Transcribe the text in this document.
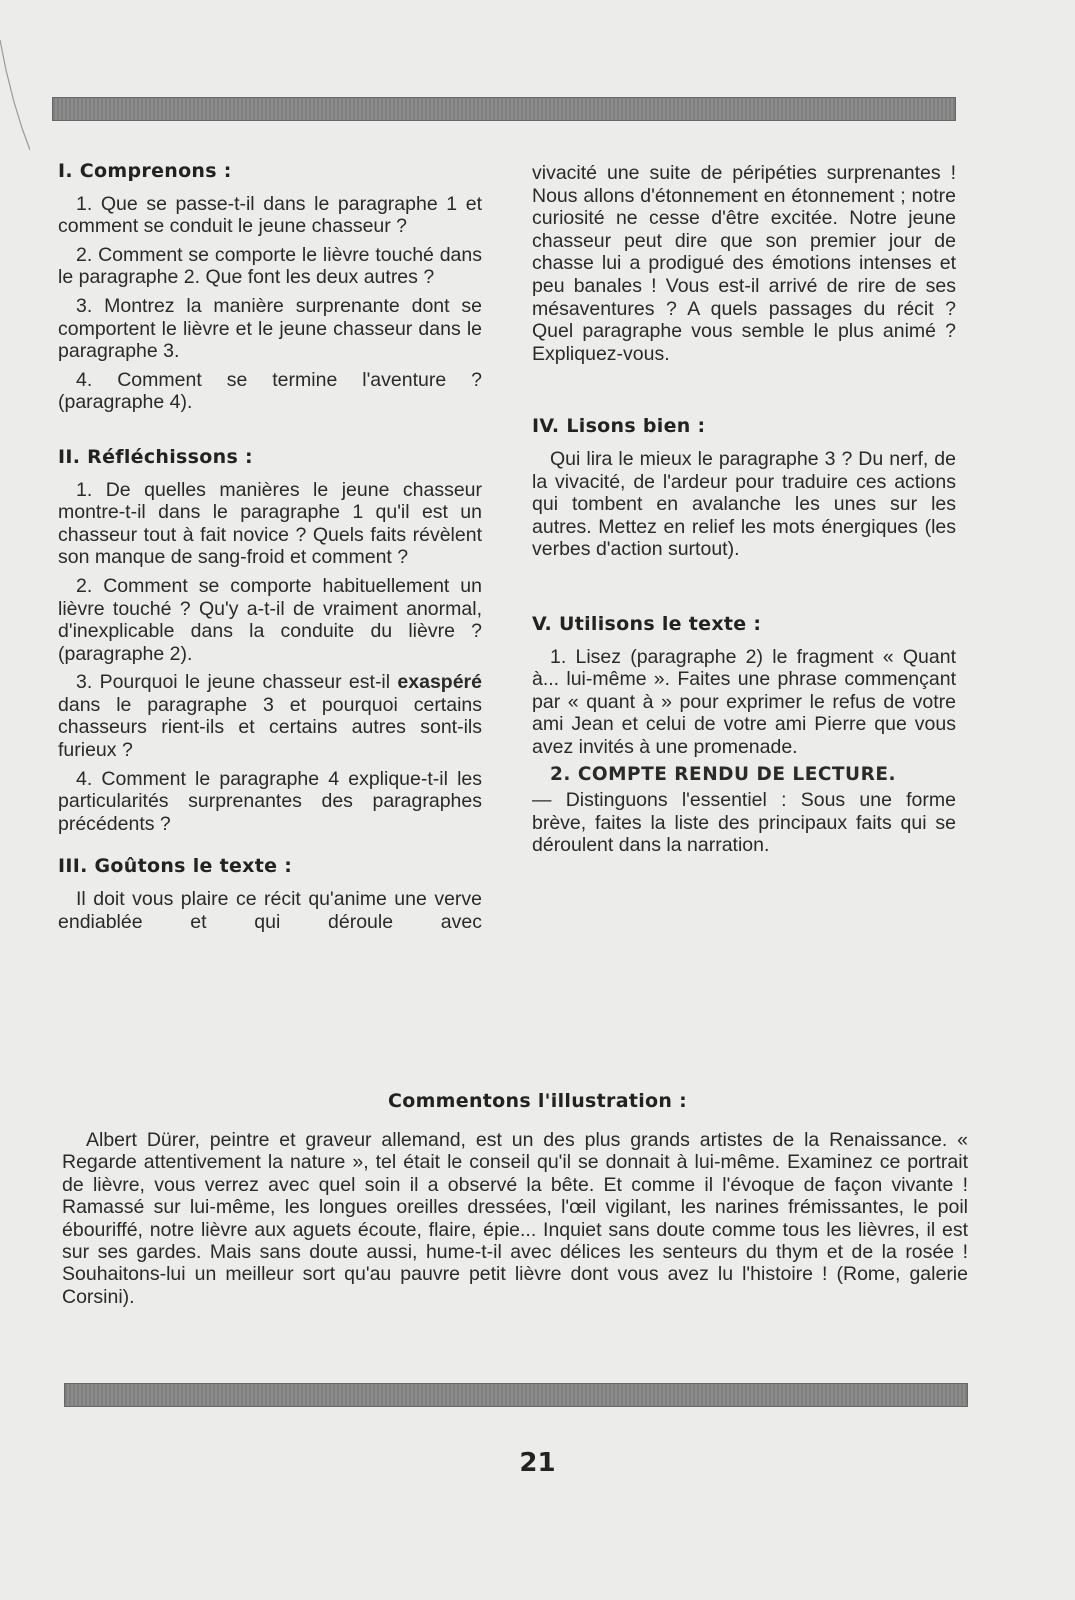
I. Comprenons :

1. Que se passe-t-il dans le paragraphe 1 et comment se conduit le jeune chasseur ?

2. Comment se comporte le lièvre touché dans le paragraphe 2. Que font les deux autres ?

3. Montrez la manière surprenante dont se comportent le lièvre et le jeune chasseur dans le paragraphe 3.

4. Comment se termine l'aventure ? (paragraphe 4).

II. Réfléchissons :

1. De quelles manières le jeune chasseur montre-t-il dans le paragraphe 1 qu'il est un chasseur tout à fait novice ? Quels faits révèlent son manque de sang-froid et comment ?

2. Comment se comporte habituellement un lièvre touché ? Qu'y a-t-il de vraiment anormal, d'inexplicable dans la conduite du lièvre ? (paragraphe 2).

3. Pourquoi le jeune chasseur est-il exaspéré dans le paragraphe 3 et pourquoi certains chasseurs rient-ils et certains autres sont-ils furieux ?

4. Comment le paragraphe 4 explique-t-il les particularités surprenantes des paragraphes précédents ?

III. Goûtons le texte :

Il doit vous plaire ce récit qu'anime une verve endiablée et qui déroule avec

vivacité une suite de péripéties surprenantes ! Nous allons d'étonnement en étonnement ; notre curiosité ne cesse d'être excitée. Notre jeune chasseur peut dire que son premier jour de chasse lui a prodigué des émotions intenses et peu banales ! Vous est-il arrivé de rire de ses mésaventures ? A quels passages du récit ? Quel paragraphe vous semble le plus animé ? Expliquez-vous.

IV. Lisons bien :

Qui lira le mieux le paragraphe 3 ? Du nerf, de la vivacité, de l'ardeur pour traduire ces actions qui tombent en avalanche les unes sur les autres. Mettez en relief les mots énergiques (les verbes d'action surtout).

V. Utilisons le texte :

1. Lisez (paragraphe 2) le fragment « Quant à... lui-même ». Faites une phrase commençant par « quant à » pour exprimer le refus de votre ami Jean et celui de votre ami Pierre que vous avez invités à une promenade.

2. COMPTE RENDU DE LECTURE.

— Distinguons l'essentiel : Sous une forme brève, faites la liste des principaux faits qui se déroulent dans la narration.

Commentons l'illustration :

Albert Dürer, peintre et graveur allemand, est un des plus grands artistes de la Renaissance. « Regarde attentivement la nature », tel était le conseil qu'il se donnait à lui-même. Examinez ce portrait de lièvre, vous verrez avec quel soin il a observé la bête. Et comme il l'évoque de façon vivante ! Ramassé sur lui-même, les longues oreilles dressées, l'œil vigilant, les narines frémissantes, le poil ébouriffé, notre lièvre aux aguets écoute, flaire, épie... Inquiet sans doute comme tous les lièvres, il est sur ses gardes. Mais sans doute aussi, hume-t-il avec délices les senteurs du thym et de la rosée ! Souhaitons-lui un meilleur sort qu'au pauvre petit lièvre dont vous avez lu l'histoire ! (Rome, galerie Corsini).

21
